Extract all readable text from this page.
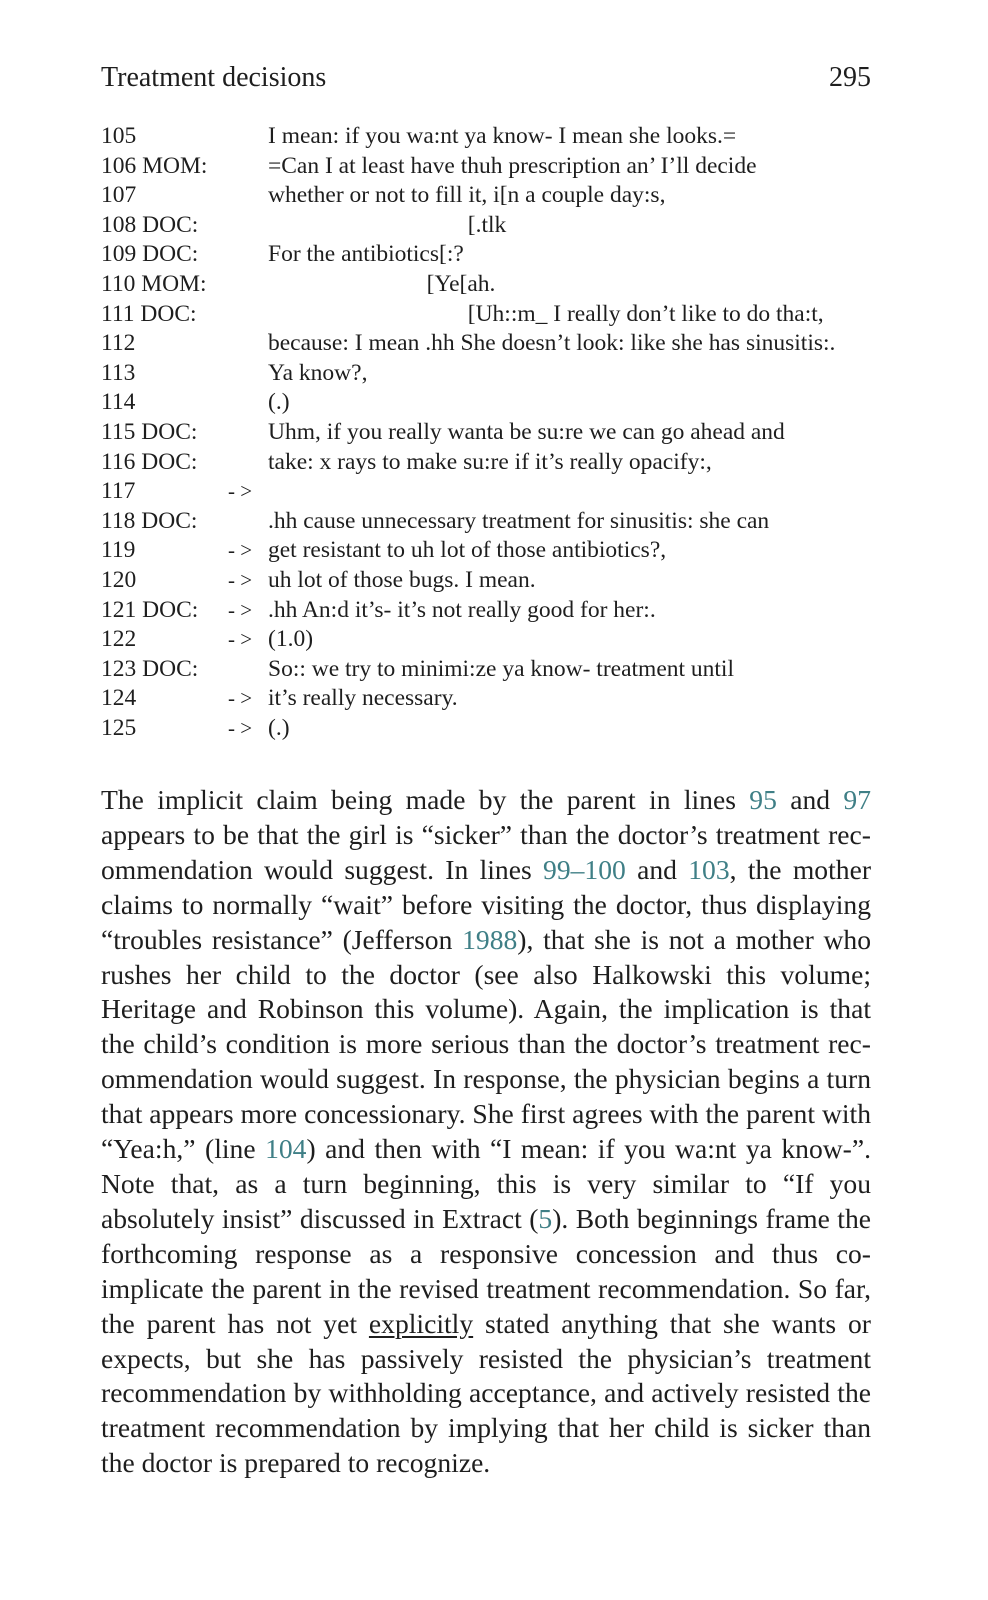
Treatment decisions	295
105	I mean: if you wa:nt ya know- I mean she looks.=
106 MOM:	=Can I at least have thuh prescription an’ I’ll decide
107	whether or not to fill it, i[n a couple day:s,
108 DOC:	[.tlk
109 DOC:	For the antibiotics[:?
110 MOM:	[Ye[ah.
111 DOC:	[Uh::m_ I really don’t like to do tha:t,
112	because: I mean .hh She doesn’t look: like she has sinusitis:.
113	Ya know?,
114	(.)
115 DOC:	Uhm, if you really wanta be su:re we can go ahead and
116 DOC:	take: x rays to make su:re if it’s really opacify:,
117	- >
118 DOC:	.hh cause unnecessary treatment for sinusitis: she can
119	- > get resistant to uh lot of those antibiotics?,
120	- > uh lot of those bugs. I mean.
121 DOC: - > .hh An:d it’s- it’s not really good for her:.
122	- > (1.0)
123 DOC:	So:: we try to minimi:ze ya know- treatment until
124	- > it’s really necessary.
125	- > (.)

The implicit claim being made by the parent in lines 95 and 97 appears to be that the girl is “sicker” than the doctor’s treatment recommendation would suggest. In lines 99–100 and 103, the mother claims to normally “wait” before visiting the doctor, thus displaying “troubles resistance” (Jefferson 1988), that she is not a mother who rushes her child to the doctor (see also Halkowski this volume; Heritage and Robinson this volume). Again, the implication is that the child’s condition is more serious than the doctor’s treatment recommendation would suggest. In response, the physician begins a turn that appears more concessionary. She first agrees with the parent with “Yea:h,” (line 104) and then with “I mean: if you wa:nt ya know-”. Note that, as a turn beginning, this is very similar to “If you absolutely insist” discussed in Extract (5). Both beginnings frame the forthcoming response as a responsive concession and thus co-implicate the parent in the revised treatment recommendation. So far, the parent has not yet explicitly stated anything that she wants or expects, but she has passively resisted the physician’s treatment recommendation by withholding acceptance, and actively resisted the treatment recommendation by implying that her child is sicker than the doctor is prepared to recognize.
